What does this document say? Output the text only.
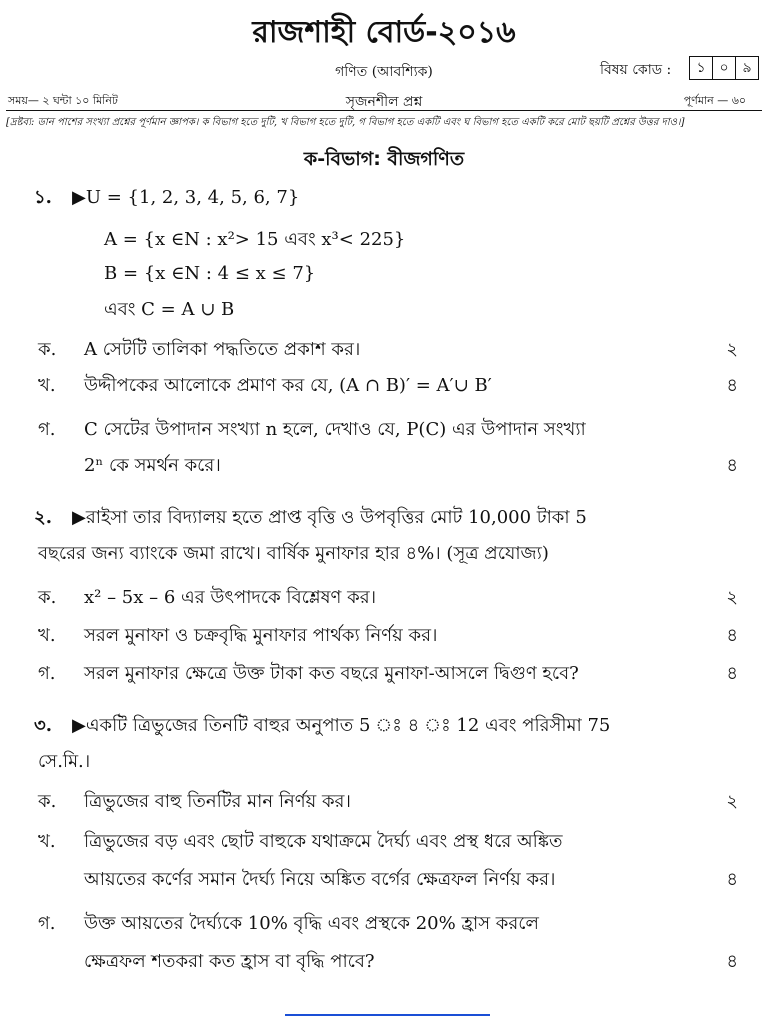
রাজশাহী বোর্ড-২০১৬
গণিত (আবশ্যিক)	বিষয় কোড :	১ ০ ৯
সময়— ২ ঘন্টা ১০ মিনিট	সৃজনশীল প্রশ্ন	পূর্ণমান — ৬০
[দ্রষ্টব্য: ডান পাশের সংখ্যা প্রশ্নের পূর্ণমান জ্ঞাপক। ক বিভাগ হতে দুটি, খ বিভাগ হতে দুটি, গ বিভাগ হতে একটি এবং ঘ বিভাগ হতে একটি করে মোট ছয়টি প্রশ্নের উত্তর দাও।]
ক-বিভাগ: বীজগণিত
১. ▶U = {1, 2, 3, 4, 5, 6, 7}
A = {x ∈N : x²> 15 এবং x³< 225}
B = {x ∈N : 4 ≤ x ≤ 7}
এবং C = A ∪ B
ক. A সেটটি তালিকা পদ্ধতিতে প্রকাশ কর।	২
খ. উদ্দীপকের আলোকে প্রমাণ কর যে, (A ∩ B)′ = A′∪ B′	৪
গ. C সেটের উপাদান সংখ্যা n হলে, দেখাও যে, P(C) এর উপাদান সংখ্যা
2ⁿ কে সমর্থন করে।	৪
২. ▶রাইসা তার বিদ্যালয় হতে প্রাপ্ত বৃত্তি ও উপবৃত্তির মোট 10,000 টাকা 5
বছরের জন্য ব্যাংকে জমা রাখে। বার্ষিক মুনাফার হার ৪%। (সূত্র প্রযোজ্য)
ক. x² – 5x – 6 এর উৎপাদকে বিশ্লেষণ কর।	২
খ. সরল মুনাফা ও চক্রবৃদ্ধি মুনাফার পার্থক্য নির্ণয় কর।	৪
গ. সরল মুনাফার ক্ষেত্রে উক্ত টাকা কত বছরে মুনাফা-আসলে দ্বিগুণ হবে?	৪
৩. ▶একটি ত্রিভুজের তিনটি বাহুর অনুপাত 5 ঃ ৪ ঃ 12 এবং পরিসীমা 75
সে.মি.।
ক. ত্রিভুজের বাহু তিনটির মান নির্ণয় কর।	২
খ. ত্রিভুজের বড় এবং ছোট বাহুকে যথাক্রমে দৈর্ঘ্য এবং প্রস্থ ধরে অঙ্কিত
আয়তের কর্ণের সমান দৈর্ঘ্য নিয়ে অঙ্কিত বর্গের ক্ষেত্রফল নির্ণয় কর।	৪
গ. উক্ত আয়তের দৈর্ঘ্যকে 10% বৃদ্ধি এবং প্রস্থকে 20% হ্রাস করলে
ক্ষেত্রফল শতকরা কত হ্রাস বা বৃদ্ধি পাবে?	৪
